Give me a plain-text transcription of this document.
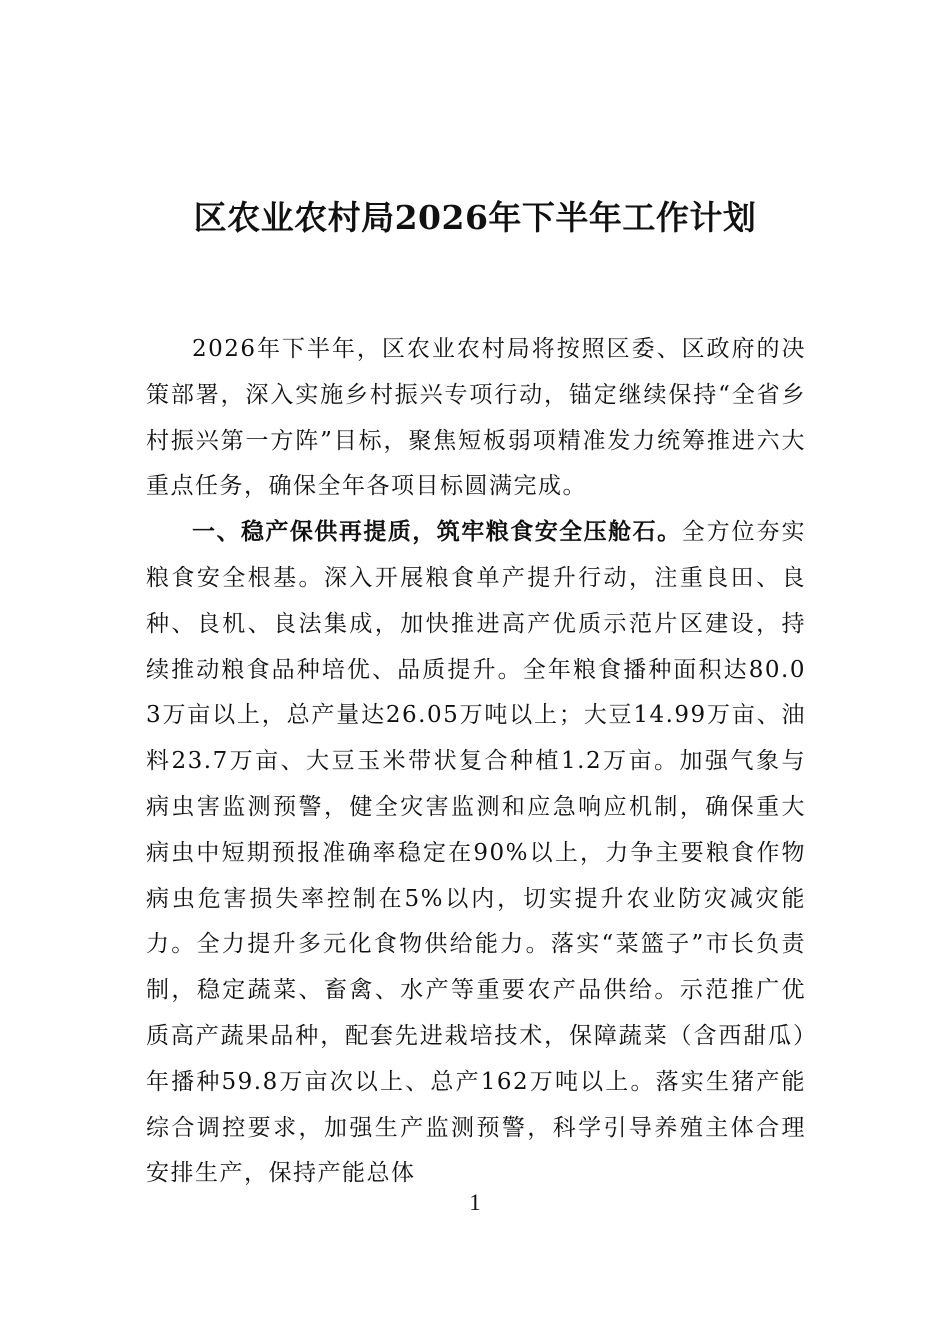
区农业农村局2026年下半年工作计划

2026年下半年，区农业农村局将按照区委、区政府的决策部署，深入实施乡村振兴专项行动，锚定继续保持“全省乡村振兴第一方阵”目标，聚焦短板弱项精准发力统筹推进六大重点任务，确保全年各项目标圆满完成。

一、稳产保供再提质，筑牢粮食安全压舱石。全方位夯实粮食安全根基。深入开展粮食单产提升行动，注重良田、良种、良机、良法集成，加快推进高产优质示范片区建设，持续推动粮食品种培优、品质提升。全年粮食播种面积达80.03万亩以上，总产量达26.05万吨以上；大豆14.99万亩、油料23.7万亩、大豆玉米带状复合种植1.2万亩。加强气象与病虫害监测预警，健全灾害监测和应急响应机制，确保重大病虫中短期预报准确率稳定在90%以上，力争主要粮食作物病虫危害损失率控制在5%以内，切实提升农业防灾减灾能力。全力提升多元化食物供给能力。落实“菜篮子”市长负责制，稳定蔬菜、畜禽、水产等重要农产品供给。示范推广优质高产蔬果品种，配套先进栽培技术，保障蔬菜（含西甜瓜）年播种59.8万亩次以上、总产162万吨以上。落实生猪产能综合调控要求，加强生产监测预警，科学引导养殖主体合理安排生产，保持产能总体

1
